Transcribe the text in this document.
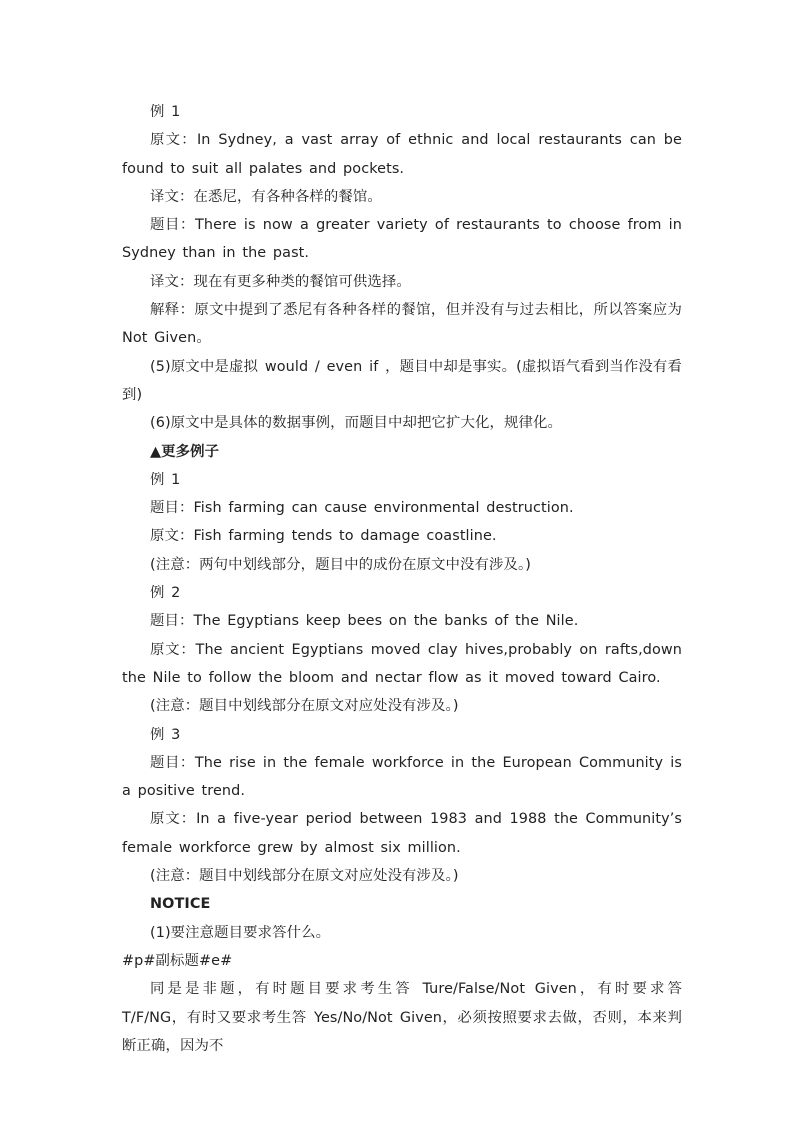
例 1

原文：In Sydney, a vast array of ethnic and local restaurants can be found to suit all palates and pockets.

译文：在悉尼，有各种各样的餐馆。

题目：There is now a greater variety of restaurants to choose from in Sydney than in the past.

译文：现在有更多种类的餐馆可供选择。

解释：原文中提到了悉尼有各种各样的餐馆，但并没有与过去相比，所以答案应为 Not Given。

(5)原文中是虚拟 would / even if ，题目中却是事实。(虚拟语气看到当作没有看到)

(6)原文中是具体的数据事例，而题目中却把它扩大化，规律化。

▲更多例子

例 1

题目：Fish farming can cause environmental destruction.

原文：Fish farming tends to damage coastline.

(注意：两句中划线部分，题目中的成份在原文中没有涉及。)

例 2

题目：The Egyptians keep bees on the banks of the Nile.

原文：The ancient Egyptians moved clay hives,probably on rafts,down the Nile to follow the bloom and nectar flow as it moved toward Cairo.

(注意：题目中划线部分在原文对应处没有涉及。)

例 3

题目：The rise in the female workforce in the European Community is a positive trend.

原文：In a five-year period between 1983 and 1988 the Community’s female workforce grew by almost six million.

(注意：题目中划线部分在原文对应处没有涉及。)

NOTICE

(1)要注意题目要求答什么。

#p#副标题#e#

同是是非题，有时题目要求考生答 Ture/False/Not Given，有时要求答 T/F/NG，有时又要求考生答 Yes/No/Not Given，必须按照要求去做，否则，本来判断正确，因为不
